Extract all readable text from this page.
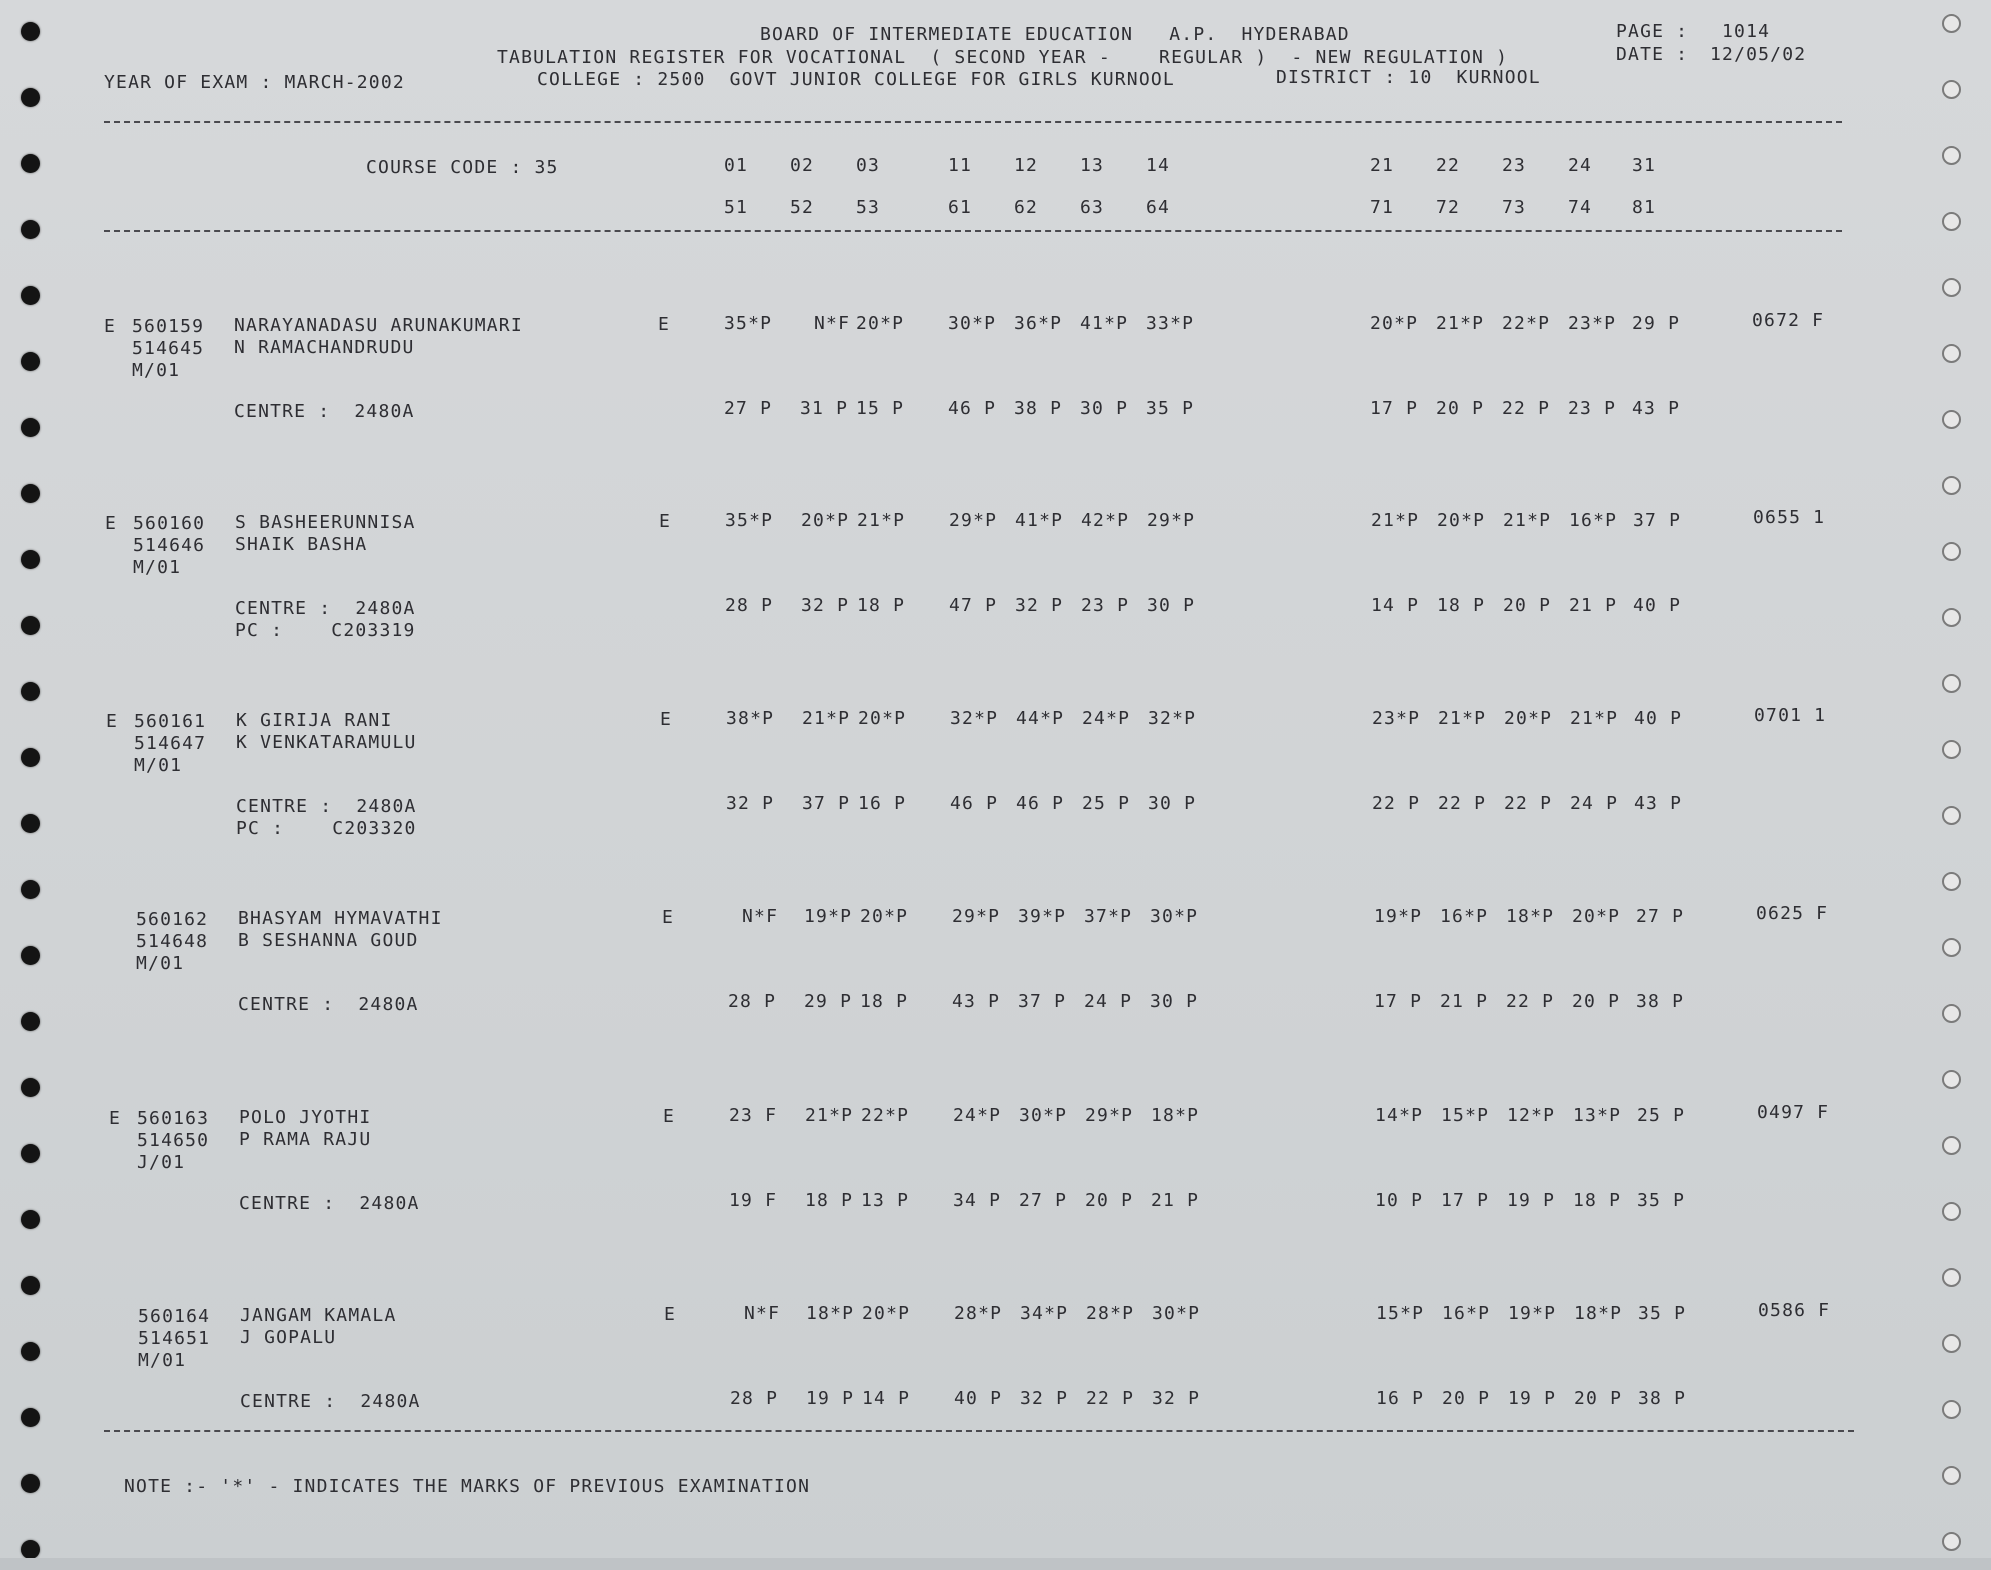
BOARD OF INTERMEDIATE EDUCATION   A.P.  HYDERABAD	PAGE : 1014
TABULATION REGISTER FOR VOCATIONAL  ( SECOND YEAR -    REGULAR )  - NEW REGULATION )	DATE : 12/05/02
YEAR OF EXAM : MARCH-2002	COLLEGE : 2500  GOVT JUNIOR COLLEGE FOR GIRLS KURNOOL	DISTRICT : 10  KURNOOL
COURSE CODE : 35	01 02 03	11 12 13 14	21 22 23 24 31
51 52 53	61 62 63 64	71 72 73 74 81
E 560159 NARAYANADASU ARUNAKUMARI
514645 N RAMACHANDRUDU
M/01
E	35*P N*F 20*P 30*P 36*P 41*P 33*P	20*P 21*P 22*P 23*P 29 P	0672 F
CENTRE :  2480A	27 P 31 P 15 P 46 P 38 P 30 P 35 P	17 P 20 P 22 P 23 P 43 P
E 560160 S BASHEERUNNISA
514646 SHAIK BASHA
M/01
E	35*P 20*P 21*P 29*P 41*P 42*P 29*P	21*P 20*P 21*P 16*P 37 P	0655 1
CENTRE :  2480A
PC :    C203319
28 P 32 P 18 P 47 P 32 P 23 P 30 P	14 P 18 P 20 P 21 P 40 P
E 560161 K GIRIJA RANI
514647 K VENKATARAMULU
M/01
E	38*P 21*P 20*P 32*P 44*P 24*P 32*P	23*P 21*P 20*P 21*P 40 P	0701 1
CENTRE :  2480A
PC :    C203320
32 P 37 P 16 P 46 P 46 P 25 P 30 P	22 P 22 P 22 P 24 P 43 P
560162 BHASYAM HYMAVATHI
514648 B SESHANNA GOUD
M/01
E	N*F 19*P 20*P 29*P 39*P 37*P 30*P	19*P 16*P 18*P 20*P 27 P	0625 F
CENTRE :  2480A	28 P 29 P 18 P 43 P 37 P 24 P 30 P	17 P 21 P 22 P 20 P 38 P
E 560163 POLO JYOTHI
514650 P RAMA RAJU
J/01
E	23 F 21*P 22*P 24*P 30*P 29*P 18*P	14*P 15*P 12*P 13*P 25 P	0497 F
CENTRE :  2480A	19 F 18 P 13 P 34 P 27 P 20 P 21 P	10 P 17 P 19 P 18 P 35 P
560164 JANGAM KAMALA
514651 J GOPALU
M/01
E	N*F 18*P 20*P 28*P 34*P 28*P 30*P	15*P 16*P 19*P 18*P 35 P	0586 F
CENTRE :  2480A	28 P 19 P 14 P 40 P 32 P 22 P 32 P	16 P 20 P 19 P 20 P 38 P
NOTE :- '*' - INDICATES THE MARKS OF PREVIOUS EXAMINATION
